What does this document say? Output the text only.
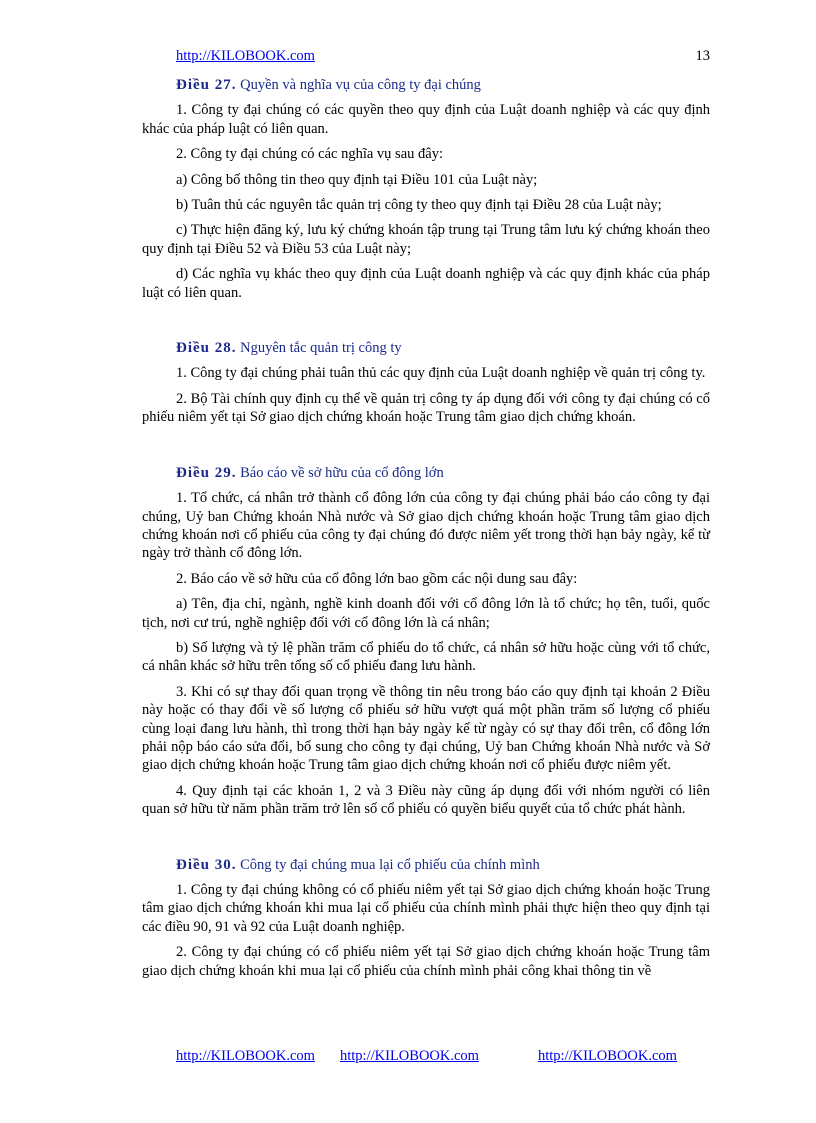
http://KILOBOOK.com	13

Điều 27. Quyền và nghĩa vụ của công ty đại chúng

1. Công ty đại chúng có các quyền theo quy định của Luật doanh nghiệp và các quy định khác của pháp luật có liên quan.

2. Công ty đại chúng có các nghĩa vụ sau đây:

a) Công bố thông tin theo quy định tại Điều 101 của Luật này;

b) Tuân thủ các nguyên tắc quản trị công ty theo quy định tại Điều 28 của Luật này;

c) Thực hiện đăng ký, lưu ký chứng khoán tập trung tại Trung tâm lưu ký chứng khoán theo quy định tại Điều 52 và Điều 53 của Luật này;

d) Các nghĩa vụ khác theo quy định của Luật doanh nghiệp và các quy định khác của pháp luật có liên quan.

Điều 28. Nguyên tắc quản trị công ty

1. Công ty đại chúng phải tuân thủ các quy định của Luật doanh nghiệp về quản trị công ty.

2. Bộ Tài chính quy định cụ thể về quản trị công ty áp dụng đối với công ty đại chúng có cổ phiếu niêm yết tại Sở giao dịch chứng khoán hoặc Trung tâm giao dịch chứng khoán.

Điều 29. Báo cáo về sở hữu của cổ đông lớn

1. Tổ chức, cá nhân trở thành cổ đông lớn của công ty đại chúng phải báo cáo công ty đại chúng, Uỷ ban Chứng khoán Nhà nước và Sở giao dịch chứng khoán hoặc Trung tâm giao dịch chứng khoán nơi cổ phiếu của công ty đại chúng đó được niêm yết trong thời hạn bảy ngày, kể từ ngày trở thành cổ đông lớn.

2. Báo cáo về sở hữu của cổ đông lớn bao gồm các nội dung sau đây:

a) Tên, địa chỉ, ngành, nghề kinh doanh đối với cổ đông lớn là tổ chức; họ tên, tuổi, quốc tịch, nơi cư trú, nghề nghiệp đối với cổ đông lớn là cá nhân;

b) Số lượng và tỷ lệ phần trăm cổ phiếu do tổ chức, cá nhân sở hữu hoặc cùng với tổ chức, cá nhân khác sở hữu trên tổng số cổ phiếu đang lưu hành.

3. Khi có sự thay đổi quan trọng về thông tin nêu trong báo cáo quy định tại khoản 2 Điều này hoặc có thay đổi về số lượng cổ phiếu sở hữu vượt quá một phần trăm số lượng cổ phiếu cùng loại đang lưu hành, thì trong thời hạn bảy ngày kể từ ngày có sự thay đổi trên, cổ đông lớn phải nộp báo cáo sửa đổi, bổ sung cho công ty đại chúng, Uỷ ban Chứng khoán Nhà nước và Sở giao dịch chứng khoán hoặc Trung tâm giao dịch chứng khoán nơi cổ phiếu được niêm yết.

4. Quy định tại các khoản 1, 2 và 3 Điều này cũng áp dụng đối với nhóm người có liên quan sở hữu từ năm phần trăm trở lên số cổ phiếu có quyền biểu quyết của tổ chức phát hành.

Điều 30. Công ty đại chúng mua lại cổ phiếu của chính mình

1. Công ty đại chúng không có cổ phiếu niêm yết tại Sở giao dịch chứng khoán hoặc Trung tâm giao dịch chứng khoán khi mua lại cổ phiếu của chính mình phải thực hiện theo quy định tại các điều 90, 91 và 92 của Luật doanh nghiệp.

2. Công ty đại chúng có cổ phiếu niêm yết tại Sở giao dịch chứng khoán hoặc Trung tâm giao dịch chứng khoán khi mua lại cổ phiếu của chính mình phải công khai thông tin về

http://KILOBOOK.com http://KILOBOOK.com	http://KILOBOOK.com
